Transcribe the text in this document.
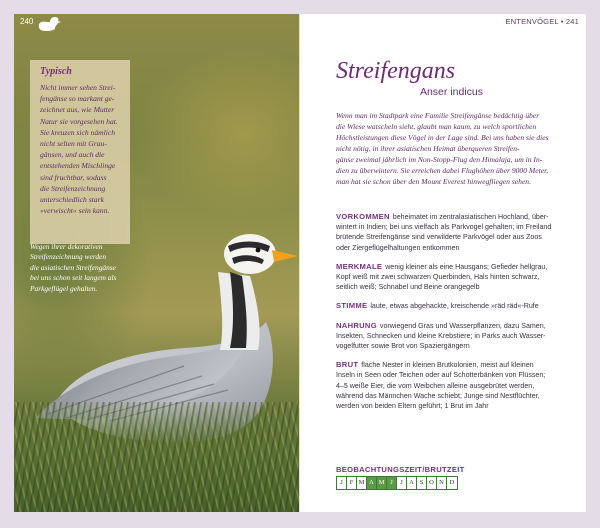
240
Typisch
Nicht immer sehen Strei-
fengänse so markant ge-
zeichnet aus, wie Mutter
Natur sie vorgesehen hat.
Sie kreuzen sich nämlich
nicht selten mit Grau-
gänsen, und auch die
entstehenden Mischlinge
sind fruchtbar, sodass
die Streifenzeichnung
unterschiedlich stark
»verwischt« sein kann.
Wegen ihrer dekorativen
Streifenzeichnung werden
die asiatischen Streifengänse
bei uns schon seit langem als
Parkgeflügel gehalten.
ENTENVÖGEL • 241
Streifengans
Anser indicus
Wenn man im Stadtpark eine Familie Streifengänse bedächtig über
die Wiese watscheln sieht, glaubt man kaum, zu welch sportlichen
Höchstleistungen diese Vögel in der Lage sind. Bei uns haben sie dies
nicht nötig, in ihrer asiatischen Heimat überqueren Streifen-
gänse zweimal jährlich im Non-Stopp-Flug den Himalaja, um in In-
dien zu überwintern. Sie erreichen dabei Flughöhen über 9000 Meter,
man hat sie schon über den Mount Everest hinwegfliegen sehen.
VORKOMMEN beheimatet im zentralasiatischen Hochland, über-
wintert in Indien; bei uns vielfach als Parkvogel gehalten; im Freiland
brütende Streifengänse sind verwilderte Parkvögel oder aus Zoos
oder Ziergeflügelhaltungen entkommen
MERKMALE wenig kleiner als eine Hausgans; Gefieder hellgrau,
Kopf weiß mit zwei schwarzen Querbinden, Hals hinten schwarz,
seitlich weiß; Schnabel und Beine orangegelb
STIMME laute, etwas abgehackte, kreischende »räd räd«-Rufe
NAHRUNG vorwiegend Gras und Wasserpflanzen, dazu Samen,
Insekten, Schnecken und kleine Krebstiere; in Parks auch Wasser-
vogelfutter sowie Brot von Spaziergängern
BRUT flache Nester in kleinen Brutkolonien, meist auf kleinen
Inseln in Seen oder Teichen oder auf Schotterbänken von Flüssen;
4–5 weiße Eier, die vom Weibchen alleine ausgebrütet werden,
während das Männchen Wache schiebt; Junge sind Nestflüchter,
werden von beiden Eltern geführt; 1 Brut im Jahr
BEOBACHTUNGSZEIT/BRUTZEIT
J	F M A M J	J A S O N D
